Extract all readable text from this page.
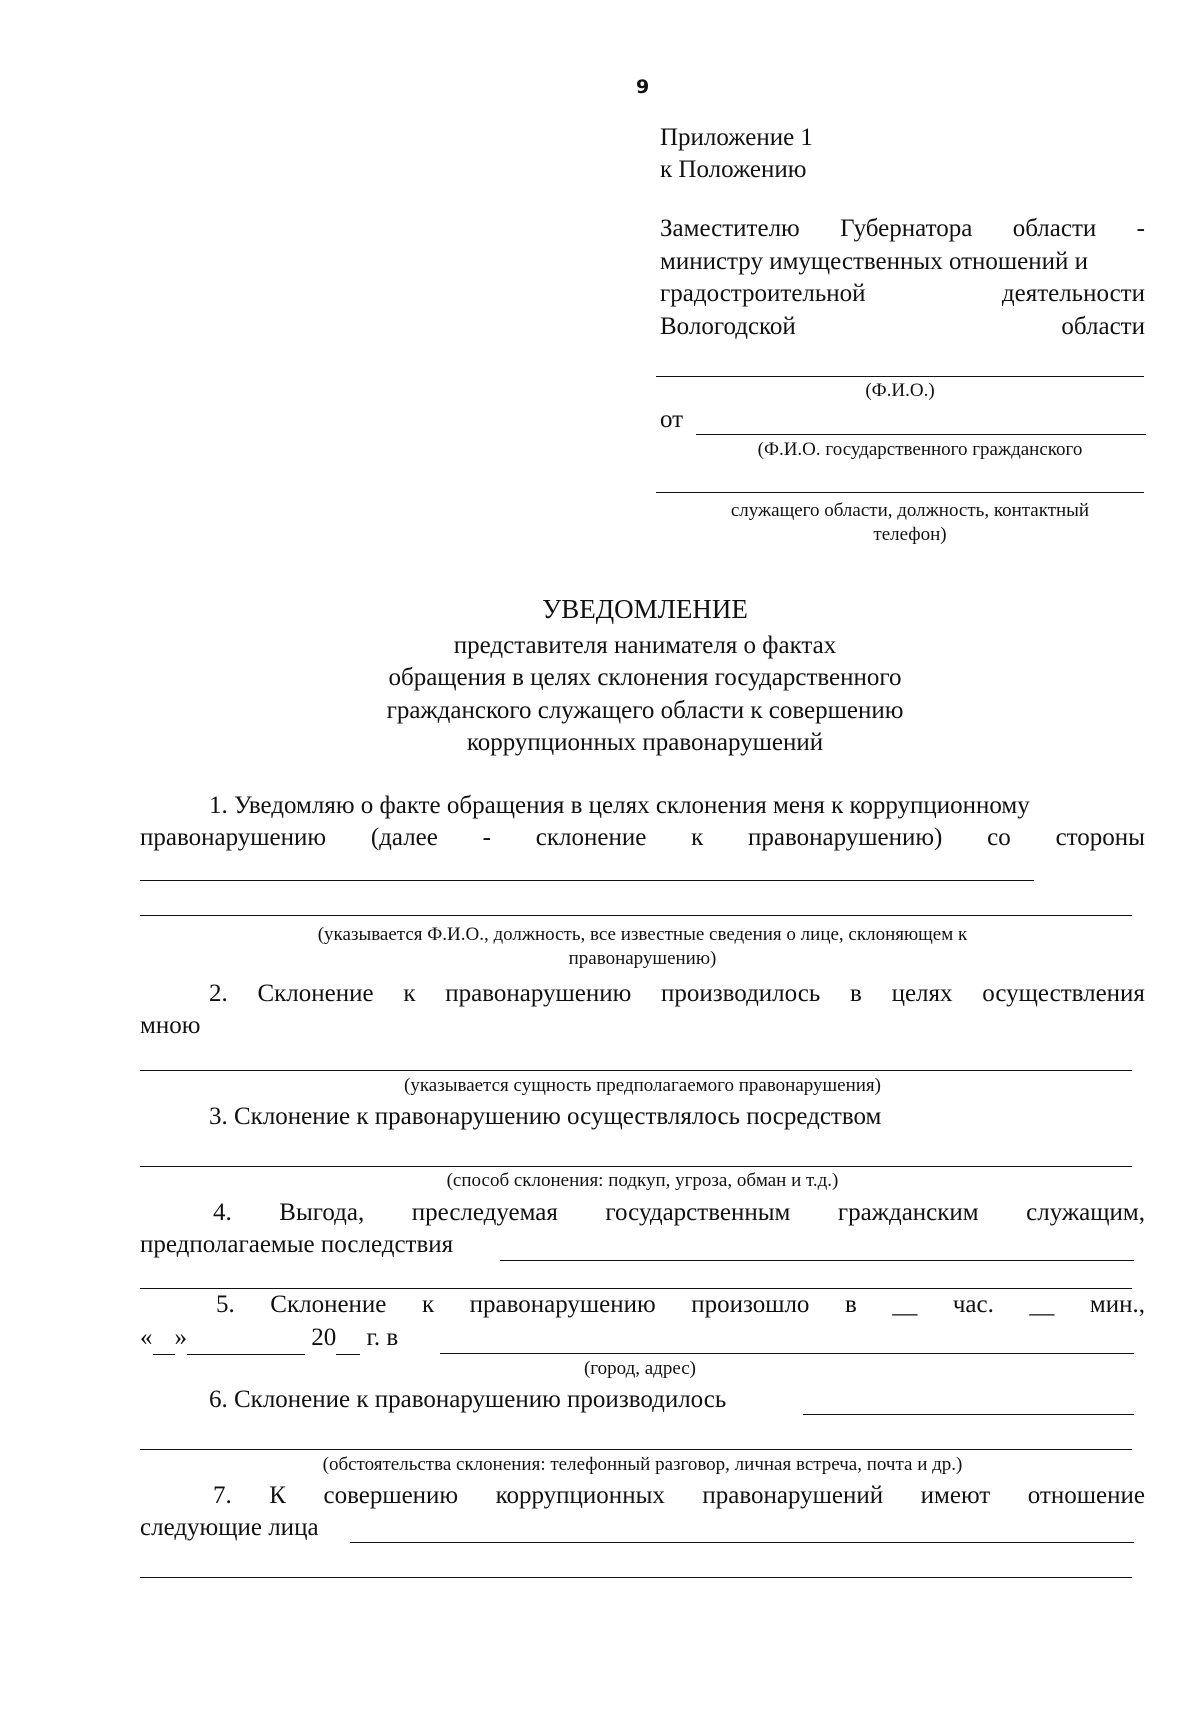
9
Приложение 1
к Положению
Заместителю Губернатора области -
министру имущественных отношений и
градостроительной	деятельности
Вологодской	области
(Ф.И.О.)
от
(Ф.И.О. государственного гражданского
служащего области, должность, контактный
телефон)
УВЕДОМЛЕНИЕ
представителя нанимателя о фактах
обращения в целях склонения государственного
гражданского служащего области к совершению
коррупционных правонарушений
1. Уведомляю о факте обращения в целях склонения меня к коррупционному
правонарушению (далее - склонение к правонарушению) со стороны
(указывается Ф.И.О., должность, все известные сведения о лице, склоняющем к
правонарушению)
2. Склонение к правонарушению производилось в целях осуществления
мною
(указывается сущность предполагаемого правонарушения)
3. Склонение к правонарушению осуществлялось посредством
(способ склонения: подкуп, угроза, обман и т.д.)
4. Выгода, преследуемая государственным гражданским служащим,
предполагаемые последствия
5. Склонение к правонарушению произошло в __ час. __ мин.,
« »	20 г. в
(город, адрес)
6. Склонение к правонарушению производилось
(обстоятельства склонения: телефонный разговор, личная встреча, почта и др.)
7. К совершению коррупционных правонарушений имеют отношение
следующие лица
